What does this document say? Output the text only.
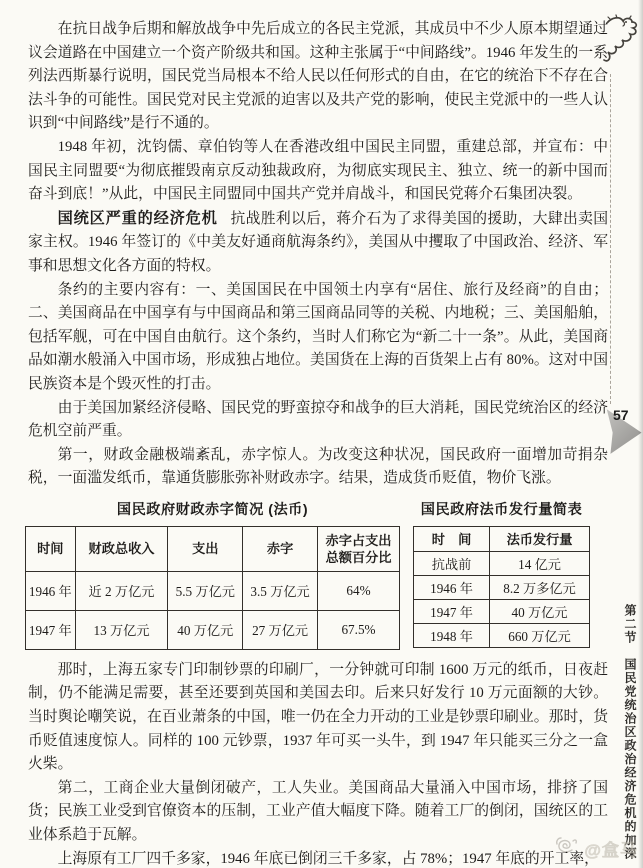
57
第二节　国民党统治区政治经济危机的加深
@盒马

在抗日战争后期和解放战争中先后成立的各民主党派，其成员中不少人原本期望通过议会道路在中国建立一个资产阶级共和国。这种主张属于“中间路线”。1946 年发生的一系列法西斯暴行说明，国民党当局根本不给人民以任何形式的自由，在它的统治下不存在合法斗争的可能性。国民党对民主党派的迫害以及共产党的影响，使民主党派中的一些人认识到“中间路线”是行不通的。

1948 年初，沈钧儒、章伯钧等人在香港改组中国民主同盟，重建总部，并宣布：中国民主同盟要“为彻底摧毁南京反动独裁政府，为彻底实现民主、独立、统一的新中国而奋斗到底！”从此，中国民主同盟同中国共产党并肩战斗，和国民党蒋介石集团决裂。

国统区严重的经济危机 抗战胜利以后，蒋介石为了求得美国的援助，大肆出卖国家主权。1946 年签订的《中美友好通商航海条约》，美国从中攫取了中国政治、经济、军事和思想文化各方面的特权。

条约的主要内容有：一、美国国民在中国领土内享有“居住、旅行及经商”的自由；二、美国商品在中国享有与中国商品和第三国商品同等的关税、内地税；三、美国船舶，包括军舰，可在中国自由航行。这个条约，当时人们称它为“新二十一条”。从此，美国商品如潮水般涌入中国市场，形成独占地位。美国货在上海的百货架上占有 80%。这对中国民族资本是个毁灭性的打击。

由于美国加紧经济侵略、国民党的野蛮掠夺和战争的巨大消耗，国民党统治区的经济危机空前严重。

第一，财政金融极端紊乱，赤字惊人。为改变这种状况，国民政府一面增加苛捐杂税，一面滥发纸币，靠通货膨胀弥补财政赤字。结果，造成货币贬值，物价飞涨。

国民政府财政赤字简况 (法币)
时间	财政总收入	支出	赤字	赤字占支出总额百分比
1946 年	近 2 万亿元	5.5 万亿元	3.5 万亿元	64%
1947 年	13 万亿元	40 万亿元	27 万亿元	67.5%
国民政府法币发行量简表
时　间	法币发行量
抗战前	14 亿元
1946 年	8.2 万多亿元
1947 年	40 万亿元
1948 年	660 万亿元

那时，上海五家专门印制钞票的印刷厂，一分钟就可印制 1600 万元的纸币，日夜赶制，仍不能满足需要，甚至还要到英国和美国去印。后来只好发行 10 万元面额的大钞。当时舆论嘲笑说，在百业萧条的中国，唯一仍在全力开动的工业是钞票印刷业。那时，货币贬值速度惊人。同样的 100 元钞票，1937 年可买一头牛，到 1947 年只能买三分之一盒火柴。

第二，工商企业大量倒闭破产，工人失业。美国商品大量涌入中国市场，排挤了国货；民族工业受到官僚资本的压制，工业产值大幅度下降。随着工厂的倒闭，国统区的工业体系趋于瓦解。

上海原有工厂四千多家，1946 年底已倒闭三千多家，占 78%；1947 年底的开工率，
